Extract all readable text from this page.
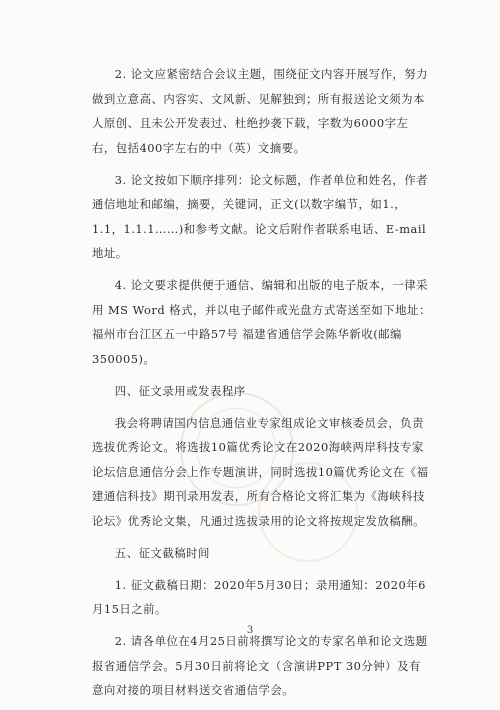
2. 论文应紧密结合会议主题，围绕征文内容开展写作，努力做到立意高、内容实、文风新、见解独到；所有报送论文须为本人原创、且未公开发表过、杜绝抄袭下载，字数为6000字左右，包括400字左右的中（英）文摘要。

3. 论文按如下顺序排列：论文标题，作者单位和姓名，作者通信地址和邮编，摘要，关键词，正文(以数字编节，如1.，1.1，1.1.1……)和参考文献。论文后附作者联系电话、E-mail地址。

4. 论文要求提供便于通信、编辑和出版的电子版本，一律采用 MS Word 格式，并以电子邮件或光盘方式寄送至如下地址：福州市台江区五一中路57号 福建省通信学会陈华新收(邮编 350005)。

四、征文录用或发表程序

我会将聘请国内信息通信业专家组成论文审核委员会，负责选拔优秀论文。将选拔10篇优秀论文在2020海峡两岸科技专家论坛信息通信分会上作专题演讲，同时选拔10篇优秀论文在《福建通信科技》期刊录用发表，所有合格论文将汇集为《海峡科技论坛》优秀论文集，凡通过选拔录用的论文将按规定发放稿酬。

五、征文截稿时间

1. 征文截稿日期：2020年5月30日；录用通知：2020年6月15日之前。

2. 请各单位在4月25日前将撰写论文的专家名单和论文选题报省通信学会。5月30日前将论文（含演讲PPT 30分钟）及有意向对接的项目材料送交省通信学会。

3
